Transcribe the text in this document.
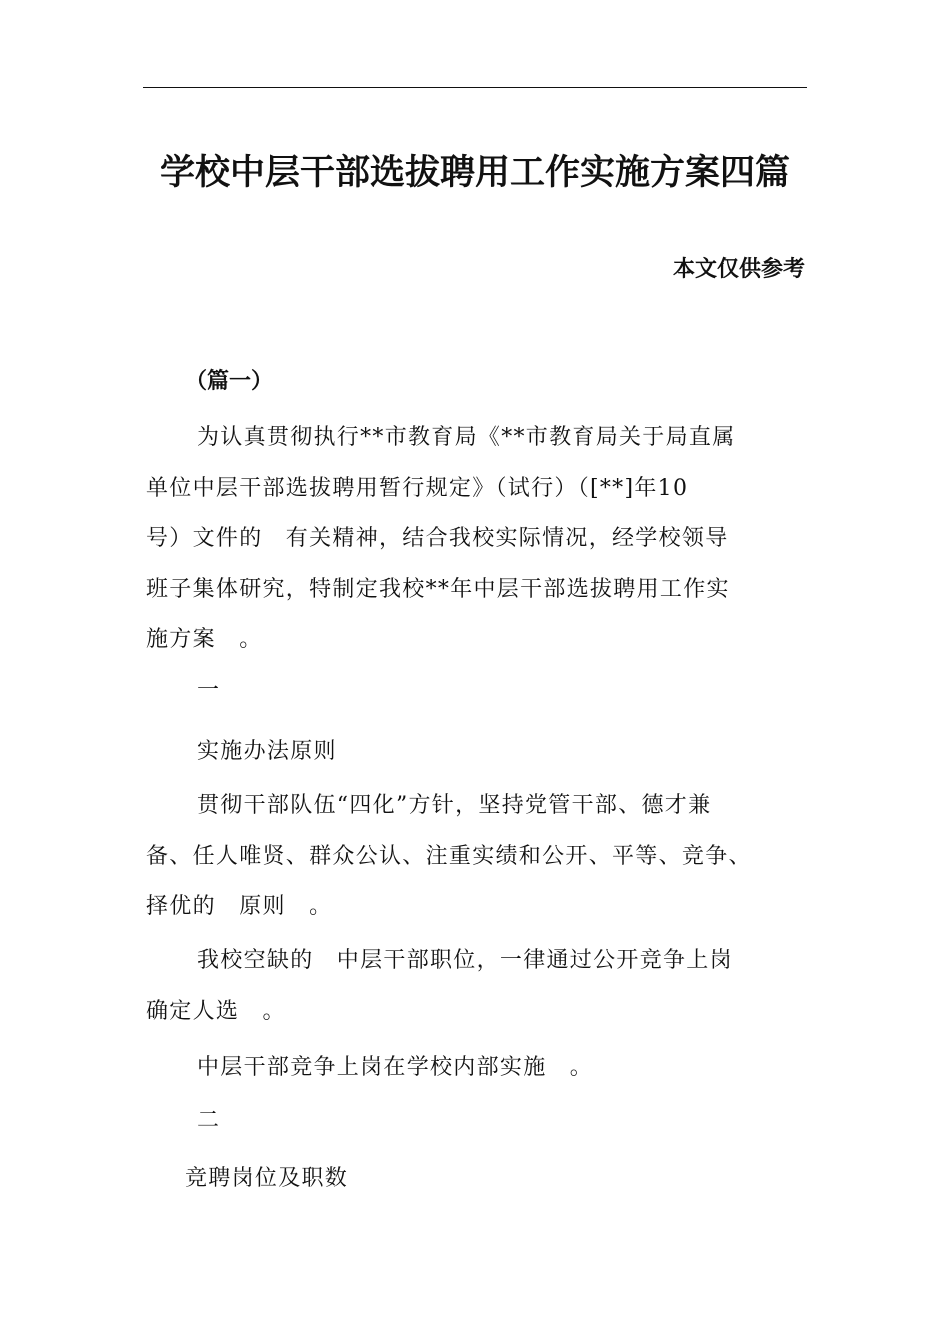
学校中层干部选拔聘用工作实施方案四篇
本文仅供参考
（篇一）
为认真贯彻执行**市教育局《**市教育局关于局直属
单位中层干部选拔聘用暂行规定》（试行）（[**]年10
号）文件的　有关精神，结合我校实际情况，经学校领导
班子集体研究，特制定我校**年中层干部选拔聘用工作实
施方案　。
一
实施办法原则
贯彻干部队伍“四化”方针，坚持党管干部、德才兼
备、任人唯贤、群众公认、注重实绩和公开、平等、竞争、
择优的　原则　。
我校空缺的　中层干部职位，一律通过公开竞争上岗
确定人选　。
中层干部竞争上岗在学校内部实施　。
二
竞聘岗位及职数
